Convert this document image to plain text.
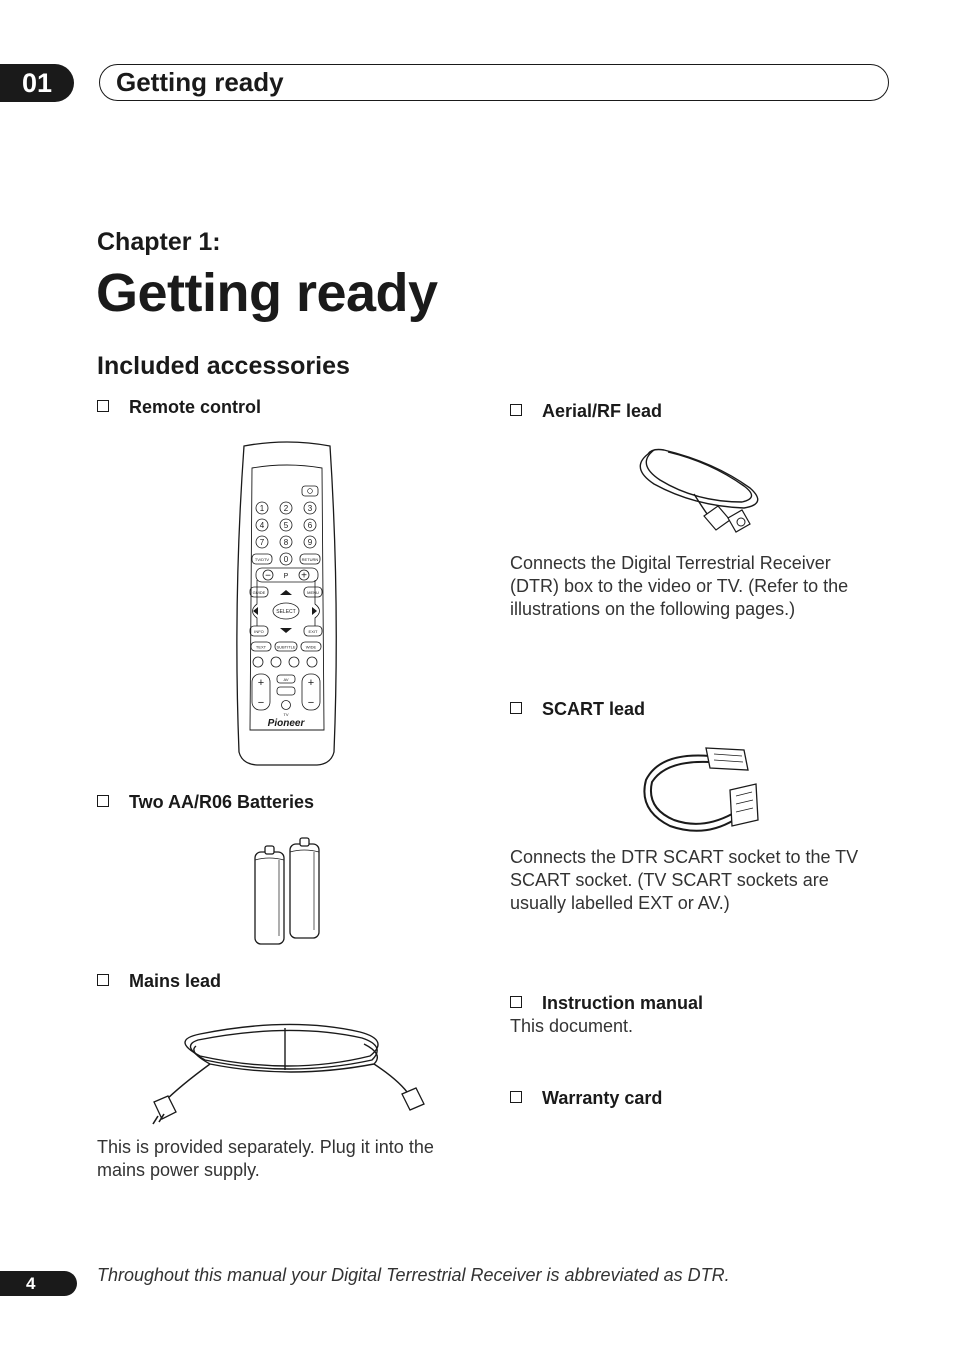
01	Getting ready
Chapter 1:
Getting ready
Included accessories
Remote control
1 2 3
4 5 6
7 8 9
0
P
−	+
TV/DTV	RETURN
GUIDE	MENU
SELECT
INFO	EXIT
TEXT	SUBTITLE	WIDE
AV
TV
+
−
+
−
Pioneer
Two AA/R06 Batteries
Mains lead
This is provided separately. Plug it into the mains power supply.
Aerial/RF lead
Connects the Digital Terrestrial Receiver (DTR) box to the video or TV. (Refer to the illustrations on the following pages.)
SCART lead
Connects the DTR SCART socket to the TV SCART socket. (TV SCART sockets are usually labelled EXT or AV.)
Instruction manual
This document.
Warranty card
4	Throughout this manual your Digital Terrestrial Receiver is abbreviated as DTR.
